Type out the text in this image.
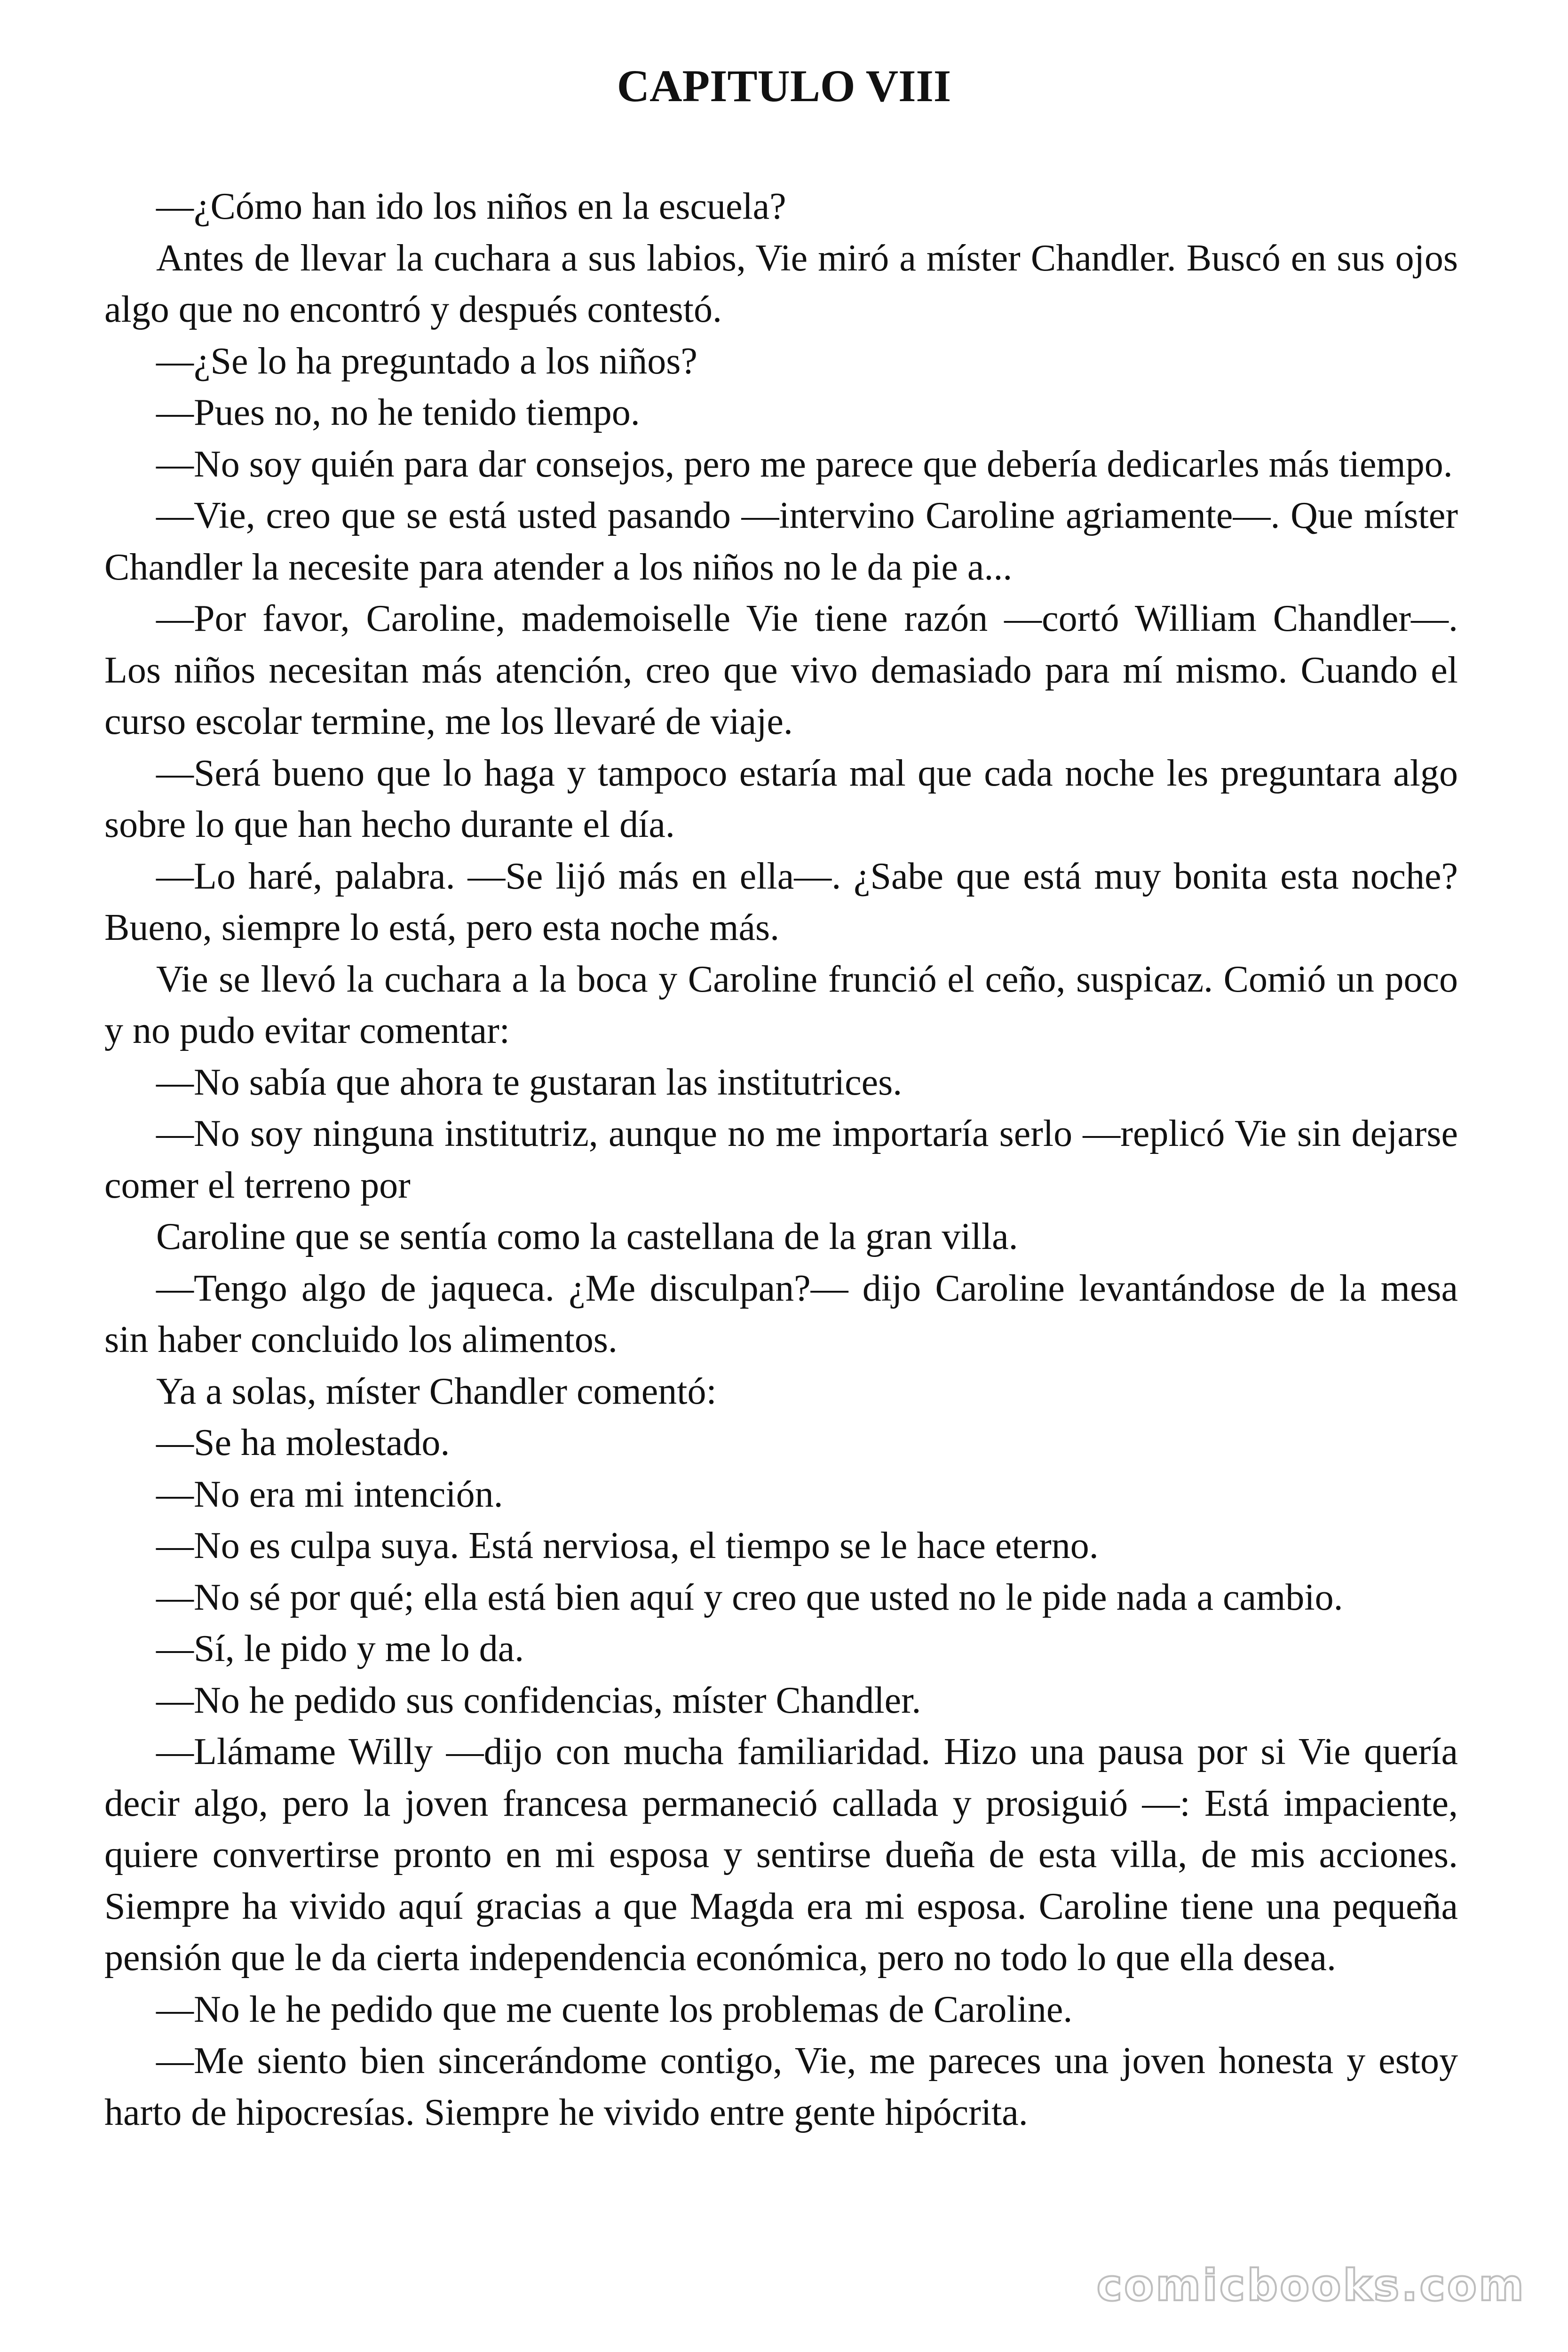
CAPITULO VIII

—¿Cómo han ido los niños en la escuela?

Antes de llevar la cuchara a sus labios, Vie miró a míster Chandler. Buscó en sus ojos algo que no encontró y después contestó.

—¿Se lo ha preguntado a los niños?

—Pues no, no he tenido tiempo.

—No soy quién para dar consejos, pero me parece que debería dedicarles más tiempo.

—Vie, creo que se está usted pasando —intervino Caroline agriamente—. Que míster Chandler la necesite para atender a los niños no le da pie a...

—Por favor, Caroline, mademoiselle Vie tiene razón —cortó William Chandler—. Los niños necesitan más atención, creo que vivo demasiado para mí mismo. Cuando el curso escolar termine, me los llevaré de viaje.

—Será bueno que lo haga y tampoco estaría mal que cada noche les preguntara algo sobre lo que han hecho durante el día.

—Lo haré, palabra. —Se lijó más en ella—. ¿Sabe que está muy bonita esta noche? Bueno, siempre lo está, pero esta noche más.

Vie se llevó la cuchara a la boca y Caroline frunció el ceño, suspicaz. Comió un poco y no pudo evitar comentar:

—No sabía que ahora te gustaran las institutrices.

—No soy ninguna institutriz, aunque no me importaría serlo —replicó Vie sin dejarse comer el terreno por

Caroline que se sentía como la castellana de la gran villa.

—Tengo algo de jaqueca. ¿Me disculpan?— dijo Caroline levantándose de la mesa sin haber concluido los alimentos.

Ya a solas, míster Chandler comentó:

—Se ha molestado.

—No era mi intención.

—No es culpa suya. Está nerviosa, el tiempo se le hace eterno.

—No sé por qué; ella está bien aquí y creo que usted no le pide nada a cambio.

—Sí, le pido y me lo da.

—No he pedido sus confidencias, míster Chandler.

—Llámame Willy —dijo con mucha familiaridad. Hizo una pausa por si Vie quería decir algo, pero la joven francesa permaneció callada y prosiguió —: Está impaciente, quiere convertirse pronto en mi esposa y sentirse dueña de esta villa, de mis acciones. Siempre ha vivido aquí gracias a que Magda era mi esposa. Caroline tiene una pequeña pensión que le da cierta independencia económica, pero no todo lo que ella desea.

—No le he pedido que me cuente los problemas de Caroline.

—Me siento bien sincerándome contigo, Vie, me pareces una joven honesta y estoy harto de hipocresías. Siempre he vivido entre gente hipócrita.

comicbooks.com
